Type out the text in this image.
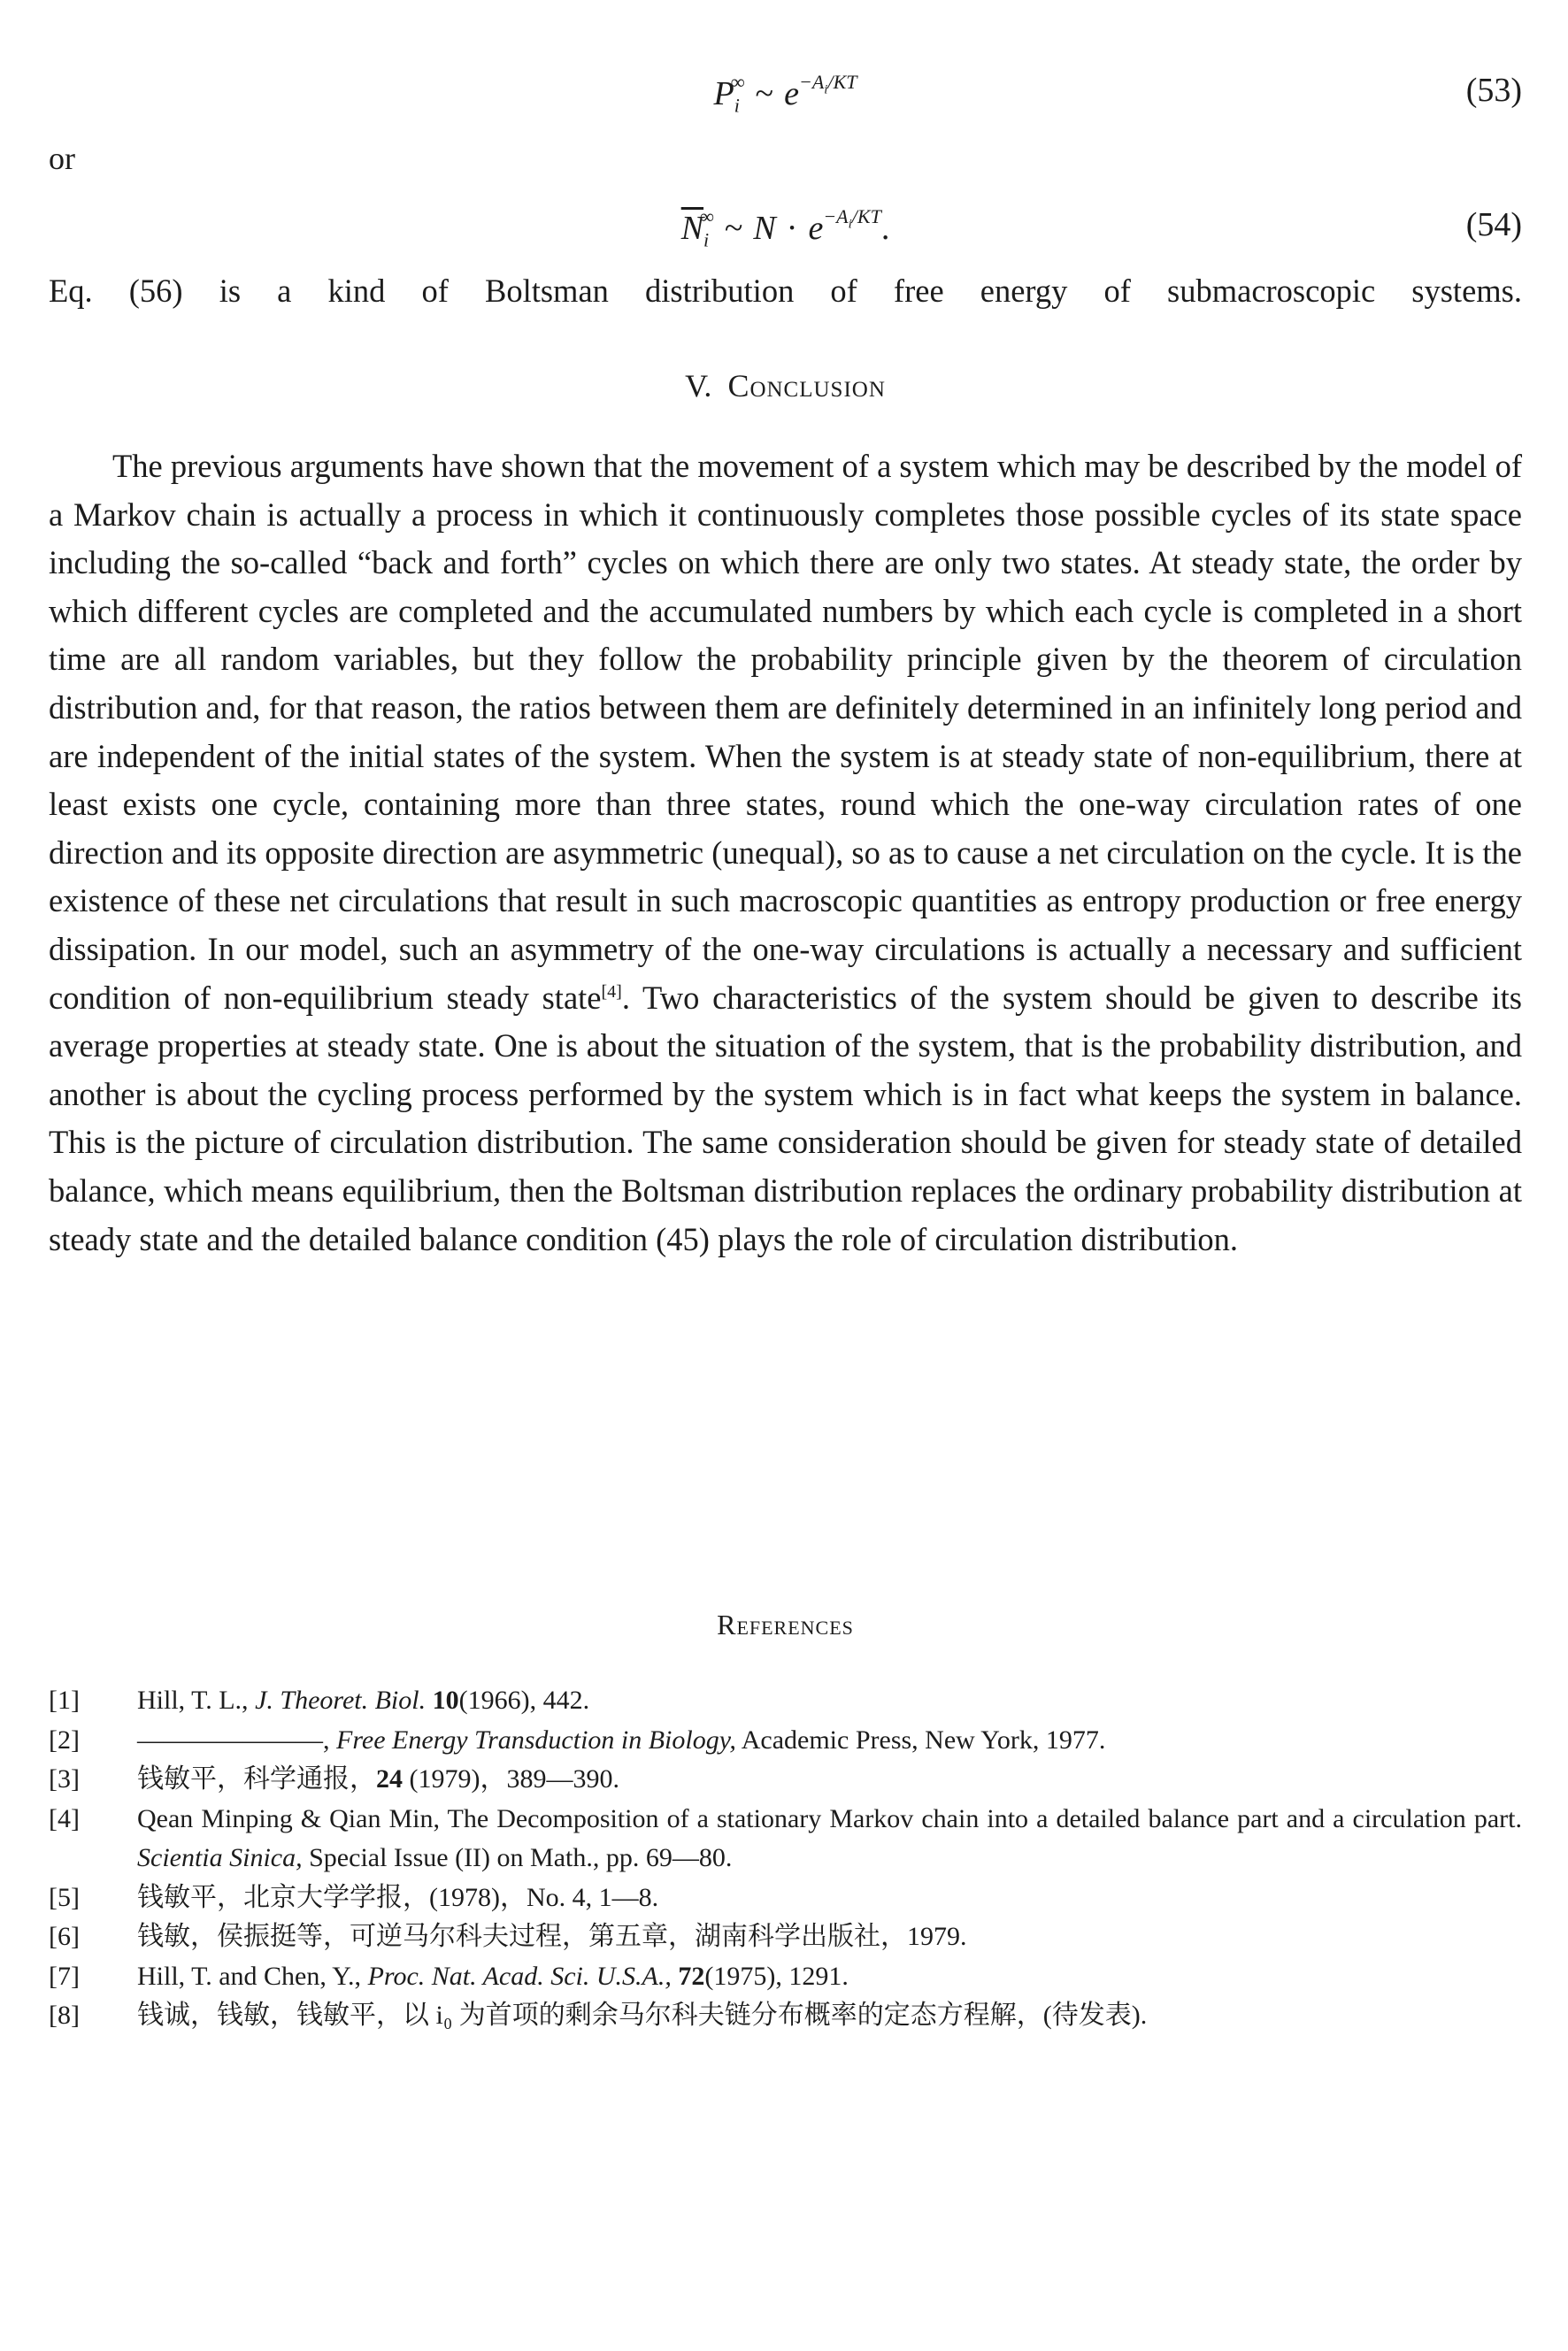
$P_i^\infty$ ~ $e^{-A_i/KT}$	(53)
or
$\overline{N}_i^\infty$ ~ $N \cdot e^{-A_i/KT}$.	(54)
Eq. (56) is a kind of Boltsman distribution of free energy of submacroscopic systems.
V. Conclusion

The previous arguments have shown that the movement of a system which may be described by the model of a Markov chain is actually a process in which it continuously completes those possible cycles of its state space including the so-called “back and forth” cycles on which there are only two states. At steady state, the order by which different cycles are completed and the accumulated numbers by which each cycle is completed in a short time are all random variables, but they follow the probability principle given by the theorem of circulation distribution and, for that reason, the ratios between them are definitely determined in an infinitely long period and are independent of the initial states of the system. When the system is at steady state of non-equilibrium, there at least exists one cycle, containing more than three states, round which the one-way circulation rates of one direction and its opposite direction are asymmetric (unequal), so as to cause a net circulation on the cycle. It is the existence of these net circulations that result in such macroscopic quantities as entropy production or free energy dissipation. In our model, such an asymmetry of the one-way circulations is actually a necessary and sufficient condition of non-equilibrium steady state[4]. Two characteristics of the system should be given to describe its average properties at steady state. One is about the situation of the system, that is the probability distribution, and another is about the cycling process performed by the system which is in fact what keeps the system in balance. This is the picture of circulation distribution. The same consideration should be given for steady state of detailed balance, which means equilibrium, then the Boltsman distribution replaces the ordinary probability distribution at steady state and the detailed balance condition (45) plays the role of circulation distribution.

References
[1] Hill, T. L., J. Theoret. Biol. 10(1966), 442.
[2] ———————, Free Energy Transduction in Biology, Academic Press, New York, 1977.
[3] 钱敏平，科学通报，24 (1979)，389—390.
[4] Qean Minping & Qian Min, The Decomposition of a stationary Markov chain into a detailed balance part and a circulation part. Scientia Sinica, Special Issue (II) on Math., pp. 69—80.
[5] 钱敏平，北京大学学报，(1978)，No. 4, 1—8.
[6] 钱敏，侯振挺等，可逆马尔科夫过程，第五章，湖南科学出版社，1979.
[7] Hill, T. and Chen, Y., Proc. Nat. Acad. Sci. U.S.A., 72(1975), 1291.
[8] 钱诚，钱敏，钱敏平，以 i₀ 为首项的剩余马尔科夫链分布概率的定态方程解，(待发表).
